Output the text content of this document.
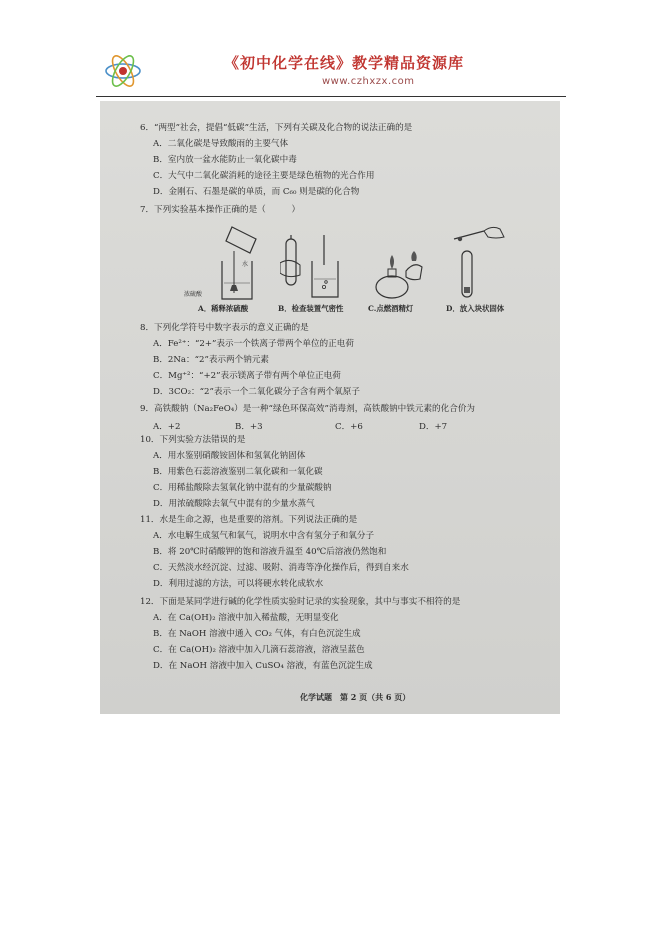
《初中化学在线》教学精品资源库
www.czhxzx.com
6．“两型”社会，提倡“低碳”生活，下列有关碳及化合物的说法正确的是
A．二氧化碳是导致酸雨的主要气体
B．室内放一盆水能防止一氧化碳中毒
C．大气中二氧化碳消耗的途径主要是绿色植物的光合作用
D．金刚石、石墨是碳的单质，而 C₆₀ 则是碳的化合物
7．下列实验基本操作正确的是（　　　）
浓硫酸
水
A．稀释浓硫酸	B．检查装置气密性	C.点燃酒精灯	D．放入块状固体
8．下列化学符号中数字表示的意义正确的是
A．Fe²⁺：“2+”表示一个铁离子带两个单位的正电荷
B．2Na：“2”表示两个钠元素
C．Mg⁺²：“+2”表示镁离子带有两个单位正电荷
D．3CO₂：“2”表示一个二氧化碳分子含有两个氧原子
9．高铁酸钠（Na₂FeO₄）是一种“绿色环保高效”消毒剂，高铁酸钠中铁元素的化合价为
A．+2	B．+3	C．+6	D．+7
10．下列实验方法错误的是
A．用水鉴别硝酸铵固体和氢氧化钠固体
B．用紫色石蕊溶液鉴别二氧化碳和一氧化碳
C．用稀盐酸除去氢氧化钠中混有的少量碳酸钠
D．用浓硫酸除去氧气中混有的少量水蒸气
11．水是生命之源，也是重要的溶剂。下列说法正确的是
A．水电解生成氢气和氧气，说明水中含有氢分子和氧分子
B．将 20℃时硝酸钾的饱和溶液升温至 40℃后溶液仍然饱和
C．天然淡水经沉淀、过滤、吸附、消毒等净化操作后，得到自来水
D．利用过滤的方法，可以将硬水转化成软水
12．下面是某同学进行碱的化学性质实验时记录的实验现象，其中与事实不相符的是
A．在 Ca(OH)₂ 溶液中加入稀盐酸，无明显变化
B．在 NaOH 溶液中通入 CO₂ 气体，有白色沉淀生成
C．在 Ca(OH)₂ 溶液中加入几滴石蕊溶液，溶液呈蓝色
D．在 NaOH 溶液中加入 CuSO₄ 溶液，有蓝色沉淀生成
化学试题　第 2 页（共 6 页）
